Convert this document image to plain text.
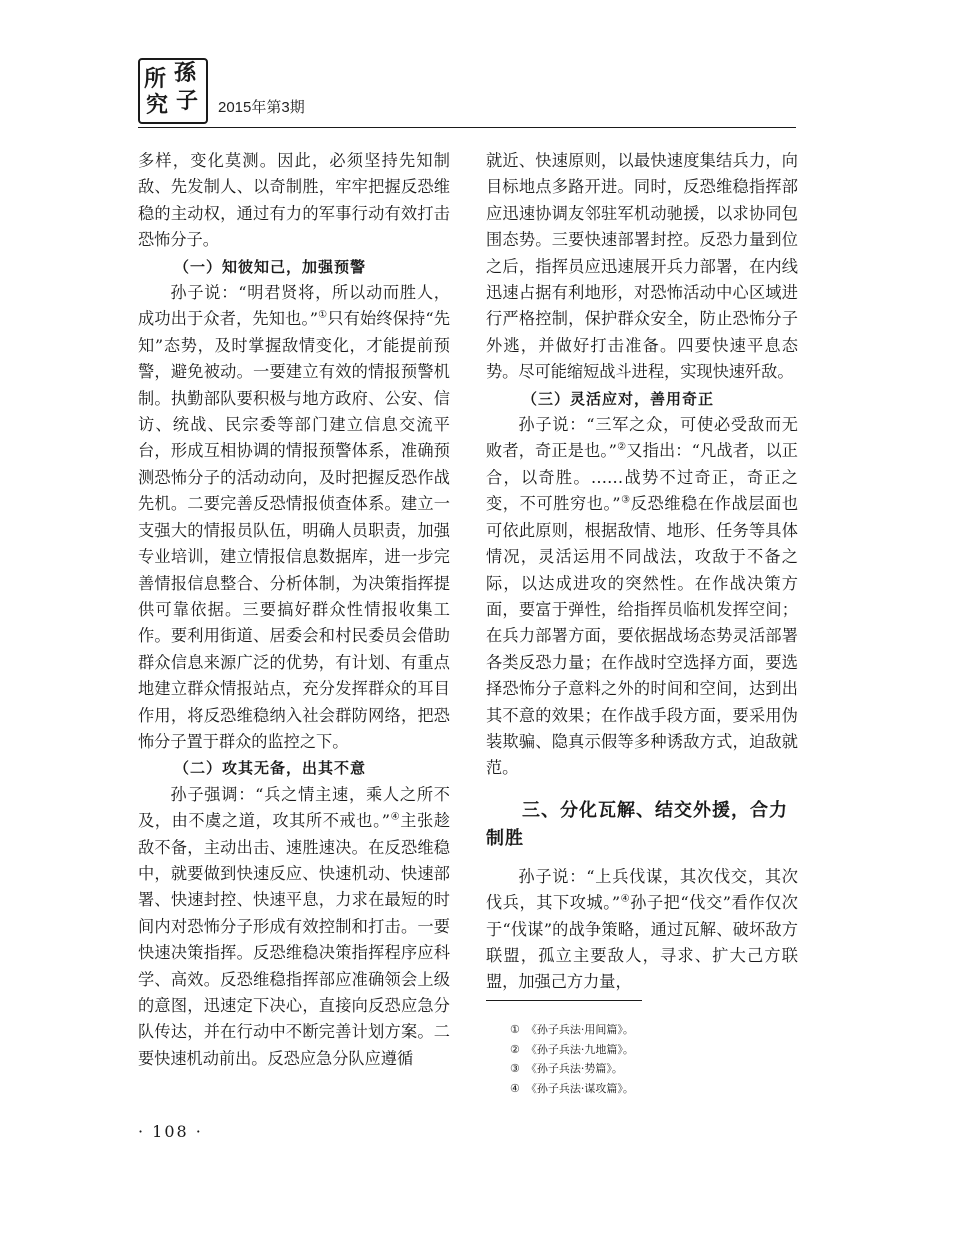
所 孫
究 子 2015年第3期

多样，变化莫测。因此，必须坚持先知制敌、先发制人、以奇制胜，牢牢把握反恐维稳的主动权，通过有力的军事行动有效打击恐怖分子。

（一）知彼知己，加强预警

孙子说：“明君贤将，所以动而胜人，成功出于众者，先知也。”①只有始终保持“先知”态势，及时掌握敌情变化，才能提前预警，避免被动。一要建立有效的情报预警机制。执勤部队要积极与地方政府、公安、信访、统战、民宗委等部门建立信息交流平台，形成互相协调的情报预警体系，准确预测恐怖分子的活动动向，及时把握反恐作战先机。二要完善反恐情报侦查体系。建立一支强大的情报员队伍，明确人员职责，加强专业培训，建立情报信息数据库，进一步完善情报信息整合、分析体制，为决策指挥提供可靠依据。三要搞好群众性情报收集工作。要利用街道、居委会和村民委员会借助群众信息来源广泛的优势，有计划、有重点地建立群众情报站点，充分发挥群众的耳目作用，将反恐维稳纳入社会群防网络，把恐怖分子置于群众的监控之下。

（二）攻其无备，出其不意

孙子强调：“兵之情主速，乘人之所不及，由不虞之道，攻其所不戒也。”④主张趁敌不备，主动出击、速胜速决。在反恐维稳中，就要做到快速反应、快速机动、快速部署、快速封控、快速平息，力求在最短的时间内对恐怖分子形成有效控制和打击。一要快速决策指挥。反恐维稳决策指挥程序应科学、高效。反恐维稳指挥部应准确领会上级的意图，迅速定下决心，直接向反恐应急分队传达，并在行动中不断完善计划方案。二要快速机动前出。反恐应急分队应遵循

就近、快速原则，以最快速度集结兵力，向目标地点多路开进。同时，反恐维稳指挥部应迅速协调友邻驻军机动驰援，以求协同包围态势。三要快速部署封控。反恐力量到位之后，指挥员应迅速展开兵力部署，在内线迅速占据有利地形，对恐怖活动中心区域进行严格控制，保护群众安全，防止恐怖分子外逃，并做好打击准备。四要快速平息态势。尽可能缩短战斗进程，实现快速歼敌。

（三）灵活应对，善用奇正

孙子说：“三军之众，可使必受敌而无败者，奇正是也。”②又指出：“凡战者，以正合，以奇胜。……战势不过奇正，奇正之变，不可胜穷也。”③反恐维稳在作战层面也可依此原则，根据敌情、地形、任务等具体情况，灵活运用不同战法，攻敌于不备之际，以达成进攻的突然性。在作战决策方面，要富于弹性，给指挥员临机发挥空间；在兵力部署方面，要依据战场态势灵活部署各类反恐力量；在作战时空选择方面，要选择恐怖分子意料之外的时间和空间，达到出其不意的效果；在作战手段方面，要采用伪装欺骗、隐真示假等多种诱敌方式，迫敌就范。

三、分化瓦解、结交外援，合力制胜

孙子说：“上兵伐谋，其次伐交，其次伐兵，其下攻城。”④孙子把“伐交”看作仅次于“伐谋”的战争策略，通过瓦解、破坏敌方联盟，孤立主要敌人，寻求、扩大己方联盟，加强己方力量，

① 《孙子兵法·用间篇》。
② 《孙子兵法·九地篇》。
③ 《孙子兵法·势篇》。
④ 《孙子兵法·谋攻篇》。
· 108 ·
